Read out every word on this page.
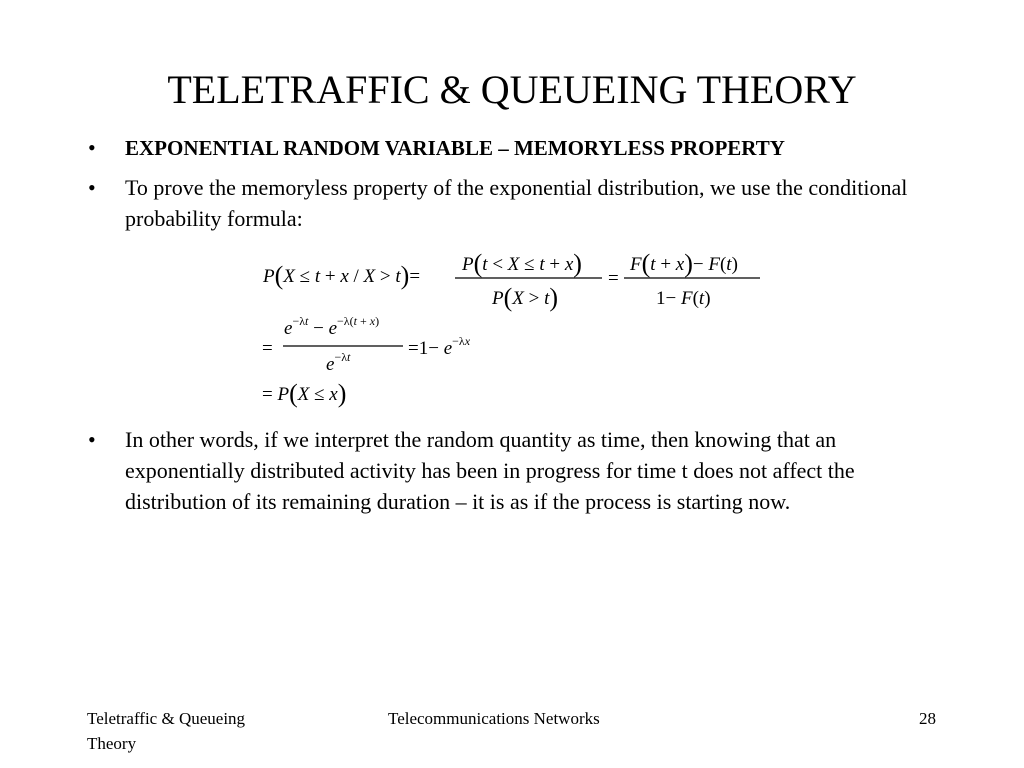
TELETRAFFIC & QUEUEING THEORY
• EXPONENTIAL RANDOM VARIABLE – MEMORYLESS PROPERTY
• To prove the memoryless property of the exponential distribution, we use the conditional probability formula:
P(X ≤ t + x / X > t)=
P(t < X ≤ t + x)
P(X > t)
=
F(t + x)− F(t)
1− F(t)
=
$e^{-\lambda}t - e^{-\lambda(}t + x$)
$e^{-\lambda}t$	$=1- e^{-\lambda}x$
= P(X ≤ x)
• In other words, if we interpret the random quantity as time, then knowing that an exponentially distributed activity has been in progress for time t does not affect the distribution of its remaining duration – it is as if the process is starting now.
Teletraffic & Queueing Theory
Telecommunications Networks	28
